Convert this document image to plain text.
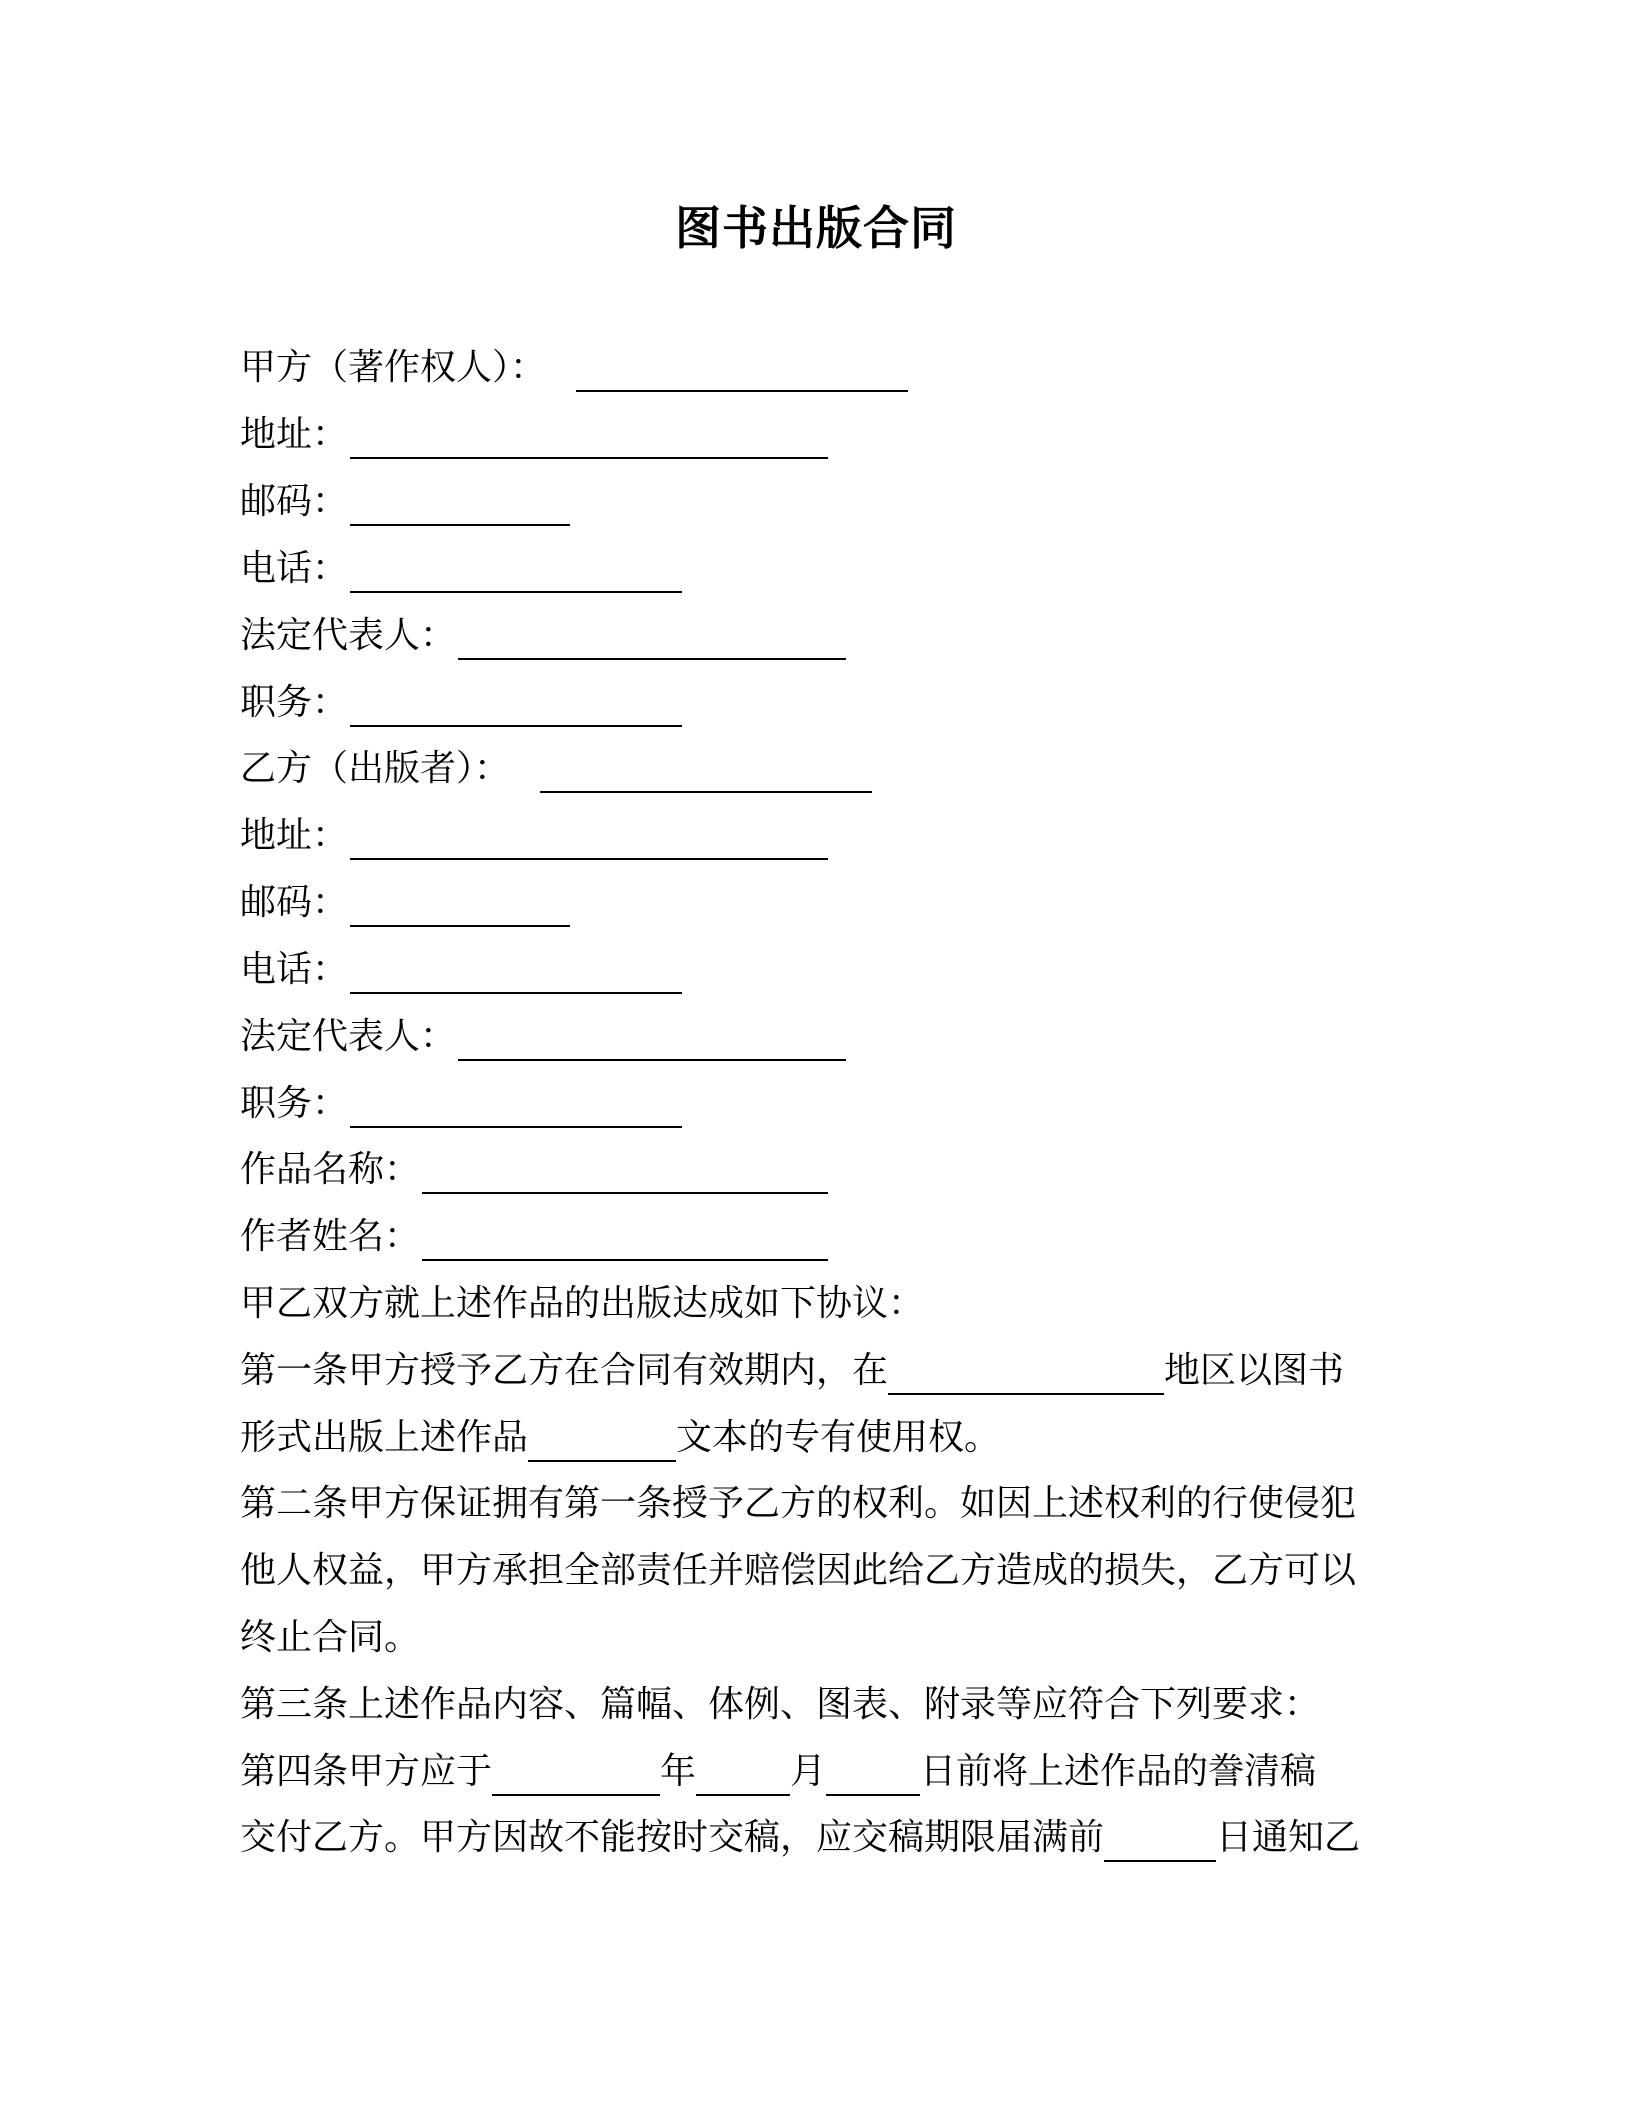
图书出版合同
甲方（著作权人）：
地址：
邮码：
电话：
法定代表人：
职务：
乙方（出版者）：
地址：
邮码：
电话：
法定代表人：
职务：
作品名称：
作者姓名：
甲乙双方就上述作品的出版达成如下协议：
第一条甲方授予乙方在合同有效期内，在	地区以图书
形式出版上述作品	文本的专有使用权。
第二条甲方保证拥有第一条授予乙方的权利。如因上述权利的行使侵犯
他人权益，甲方承担全部责任并赔偿因此给乙方造成的损失，乙方可以
终止合同。
第三条上述作品内容、篇幅、体例、图表、附录等应符合下列要求：
第四条甲方应于	年	月	日前将上述作品的誊清稿
交付乙方。甲方因故不能按时交稿，应交稿期限届满前	日通知乙
